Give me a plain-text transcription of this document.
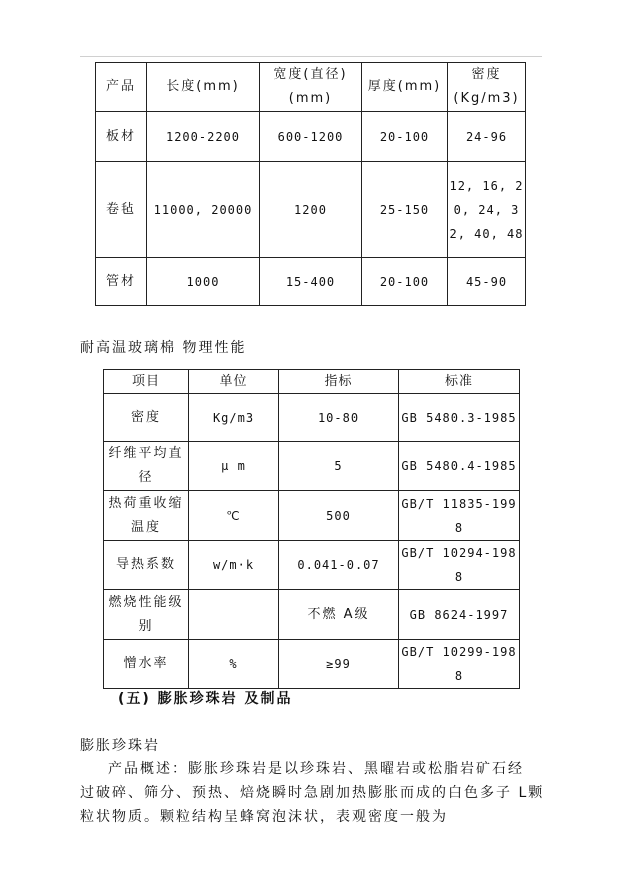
产品	长度(mm)	宽度(直径)(mm)	厚度(mm)	密度(Kg/m3)
板材	1200-2200	600-1200	20-100	24-96
卷毡	11000, 20000	1200	25-150	12, 16, 20, 24, 32, 40, 48
管材	1000	15-400	20-100	45-90
耐高温玻璃棉 物理性能
项目	单位	指标	标准
密度	Kg/m3	10-80	GB 5480.3-1985
纤维平均直径	μ m	5	GB 5480.4-1985
热荷重收缩温度	℃	500	GB/T 11835-1998
导热系数	w/m·k	0.041-0.07	GB/T 10294-1988
燃烧性能级别		不燃 A级	GB 8624-1997
憎水率	%	≥99	GB/T 10299-1988
(五) 膨胀珍珠岩 及制品
膨胀珍珠岩
产品概述：膨胀珍珠岩是以珍珠岩、黑曜岩或松脂岩矿石经
过破碎、筛分、预热、焙烧瞬时急剧加热膨胀而成的白色多子 L颗
粒状物质。颗粒结构呈蜂窝泡沫状，表观密度一般为
